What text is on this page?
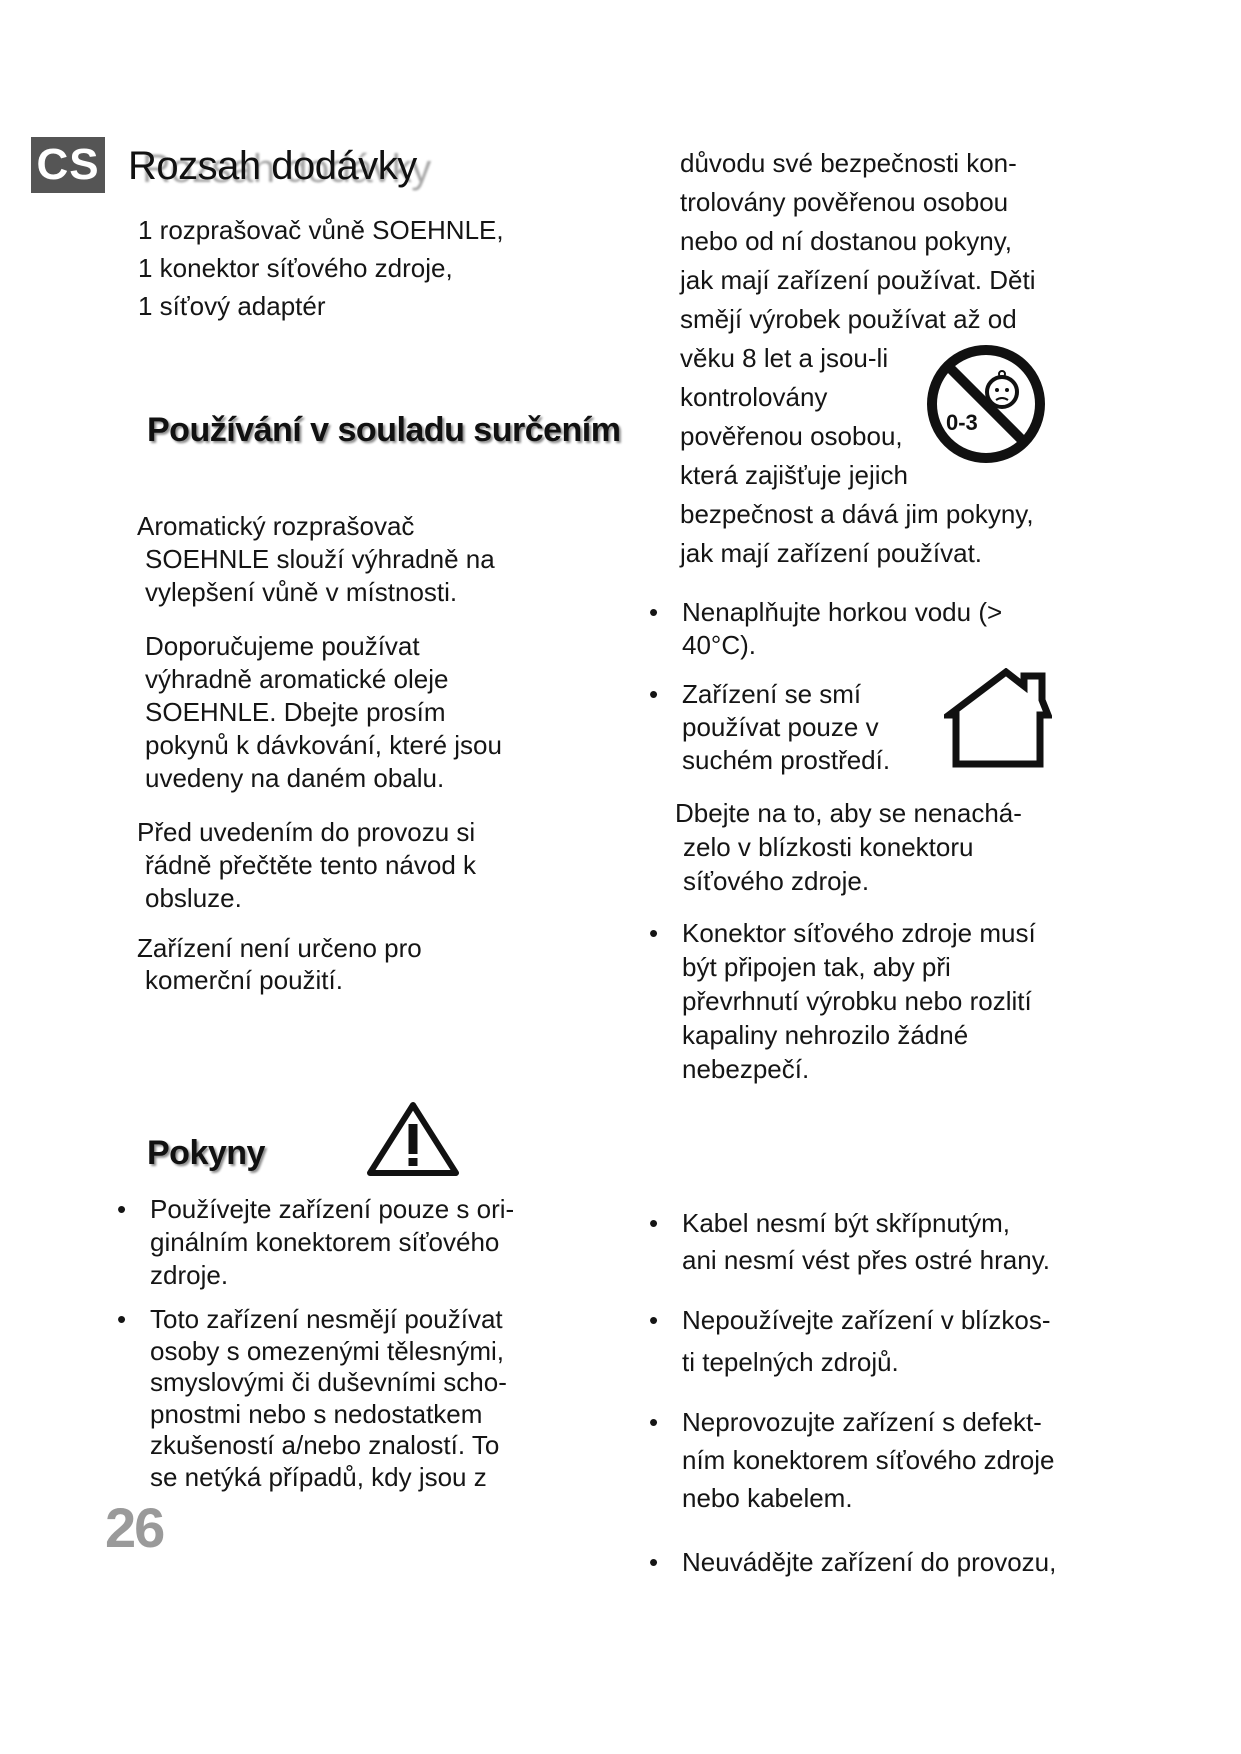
CS Rozsah dodávky
1 rozprašovač vůně SOEHNLE,
1 konektor síťového zdroje,
1 síťový adaptér
Používání v souladu surčením
Aromatický rozprašovač
SOEHNLE slouží výhradně na
vylepšení vůně v místnosti.
Doporučujeme používat
výhradně aromatické oleje
SOEHNLE. Dbejte prosím
pokynů k dávkování, které jsou
uvedeny na daném obalu.
Před uvedením do provozu si
řádně přečtěte tento návod k
obsluze.
Zařízení není určeno pro
komerční použití.
Pokyny
• Používejte zařízení pouze s ori-
ginálním konektorem síťového
zdroje.
• Toto zařízení nesmějí používat
osoby s omezenými tělesnými,
smyslovými či duševními scho-
pnostmi nebo s nedostatkem
zkušeností a/nebo znalostí. To
se netýká případů, kdy jsou z
26
důvodu své bezpečnosti kon-
trolovány pověřenou osobou
nebo od ní dostanou pokyny,
jak mají zařízení používat. Děti
smějí výrobek používat až od
věku 8 let a jsou-li
kontrolovány
pověřenou osobou,
která zajišťuje jejich
bezpečnost a dává jim pokyny,
jak mají zařízení používat.
0-3
• Nenaplňujte horkou vodu (>
40°C).
• Zařízení se smí
používat pouze v
suchém prostředí.
Dbejte na to, aby se nenachá-
zelo v blízkosti konektoru
síťového zdroje.
• Konektor síťového zdroje musí
být připojen tak, aby při
převrhnutí výrobku nebo rozlití
kapaliny nehrozilo žádné
nebezpečí.
• Kabel nesmí být skřípnutým,
ani nesmí vést přes ostré hrany.
• Nepoužívejte zařízení v blízkos-
ti tepelných zdrojů.
• Neprovozujte zařízení s defekt-
ním konektorem síťového zdroje
nebo kabelem.
• Neuvádějte zařízení do provozu,
